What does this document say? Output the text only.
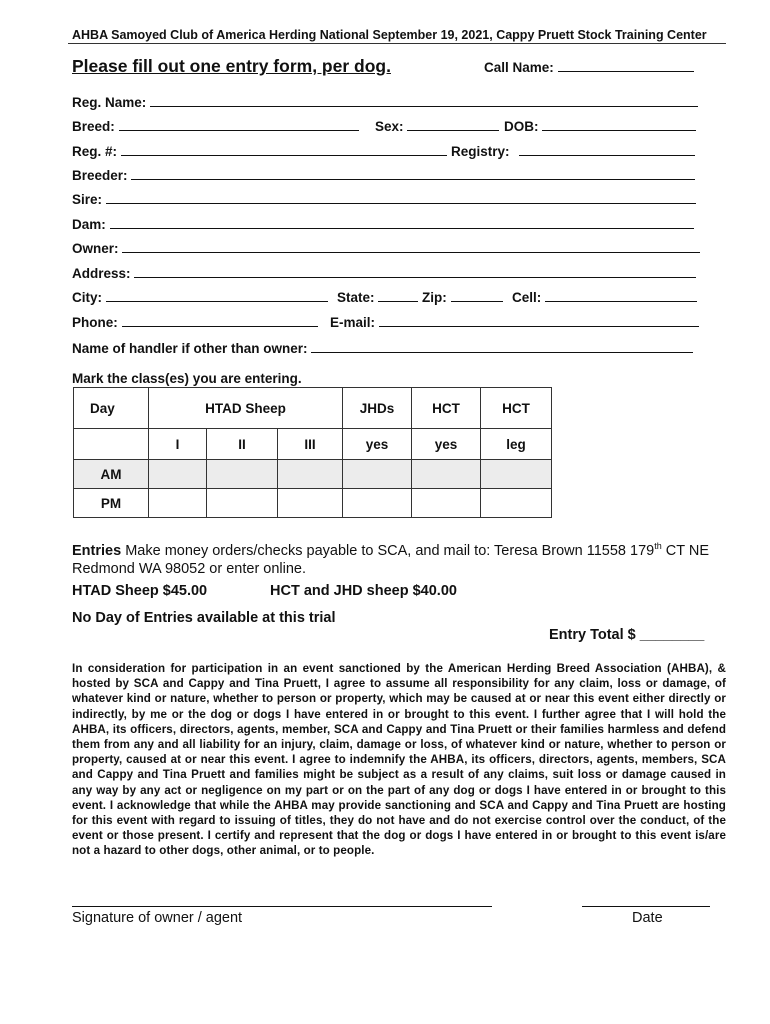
AHBA Samoyed Club of America Herding National September 19, 2021, Cappy Pruett Stock Training Center
Please fill out one entry form, per dog.	Call Name:
Reg. Name:
Breed:	Sex:	DOB:
Reg. #:	Registry:
Breeder:
Sire:
Dam:
Owner:
Address:
City:	State:	Zip:	Cell:
Phone:	E-mail:
Name of handler if other than owner:
Mark the class(es) you are entering.
Day	HTAD Sheep			JHDs	HCT	HCT
	I	II	III	yes	yes	leg
AM						
PM						
Entries Make money orders/checks payable to SCA, and mail to: Teresa Brown 11558 179th CT NE Redmond WA 98052 or enter online.
HTAD Sheep $45.00	HCT and JHD sheep $40.00
No Day of Entries available at this trial
Entry Total $ ________
In consideration for participation in an event sanctioned by the American Herding Breed Association (AHBA), & hosted by SCA and Cappy and Tina Pruett, I agree to assume all responsibility for any claim, loss or damage, of whatever kind or nature, whether to person or property, which may be caused at or near this event either directly or indirectly, by me or the dog or dogs I have entered in or brought to this event. I further agree that I will hold the AHBA, its officers, directors, agents, member, SCA and Cappy and Tina Pruett or their families harmless and defend them from any and all liability for an injury, claim, damage or loss, of whatever kind or nature, whether to person or property, caused at or near this event. I agree to indemnify the AHBA, its officers, directors, agents, members, SCA and Cappy and Tina Pruett and families might be subject as a result of any claims, suit loss or damage caused in any way by any act or negligence on my part or on the part of any dog or dogs I have entered in or brought to this event. I acknowledge that while the AHBA may provide sanctioning and SCA and Cappy and Tina Pruett are hosting for this event with regard to issuing of titles, they do not have and do not exercise control over the conduct, of the event or those present. I certify and represent that the dog or dogs I have entered in or brought to this event is/are not a hazard to other dogs, other animal, or to people.
Signature of owner / agent	Date
